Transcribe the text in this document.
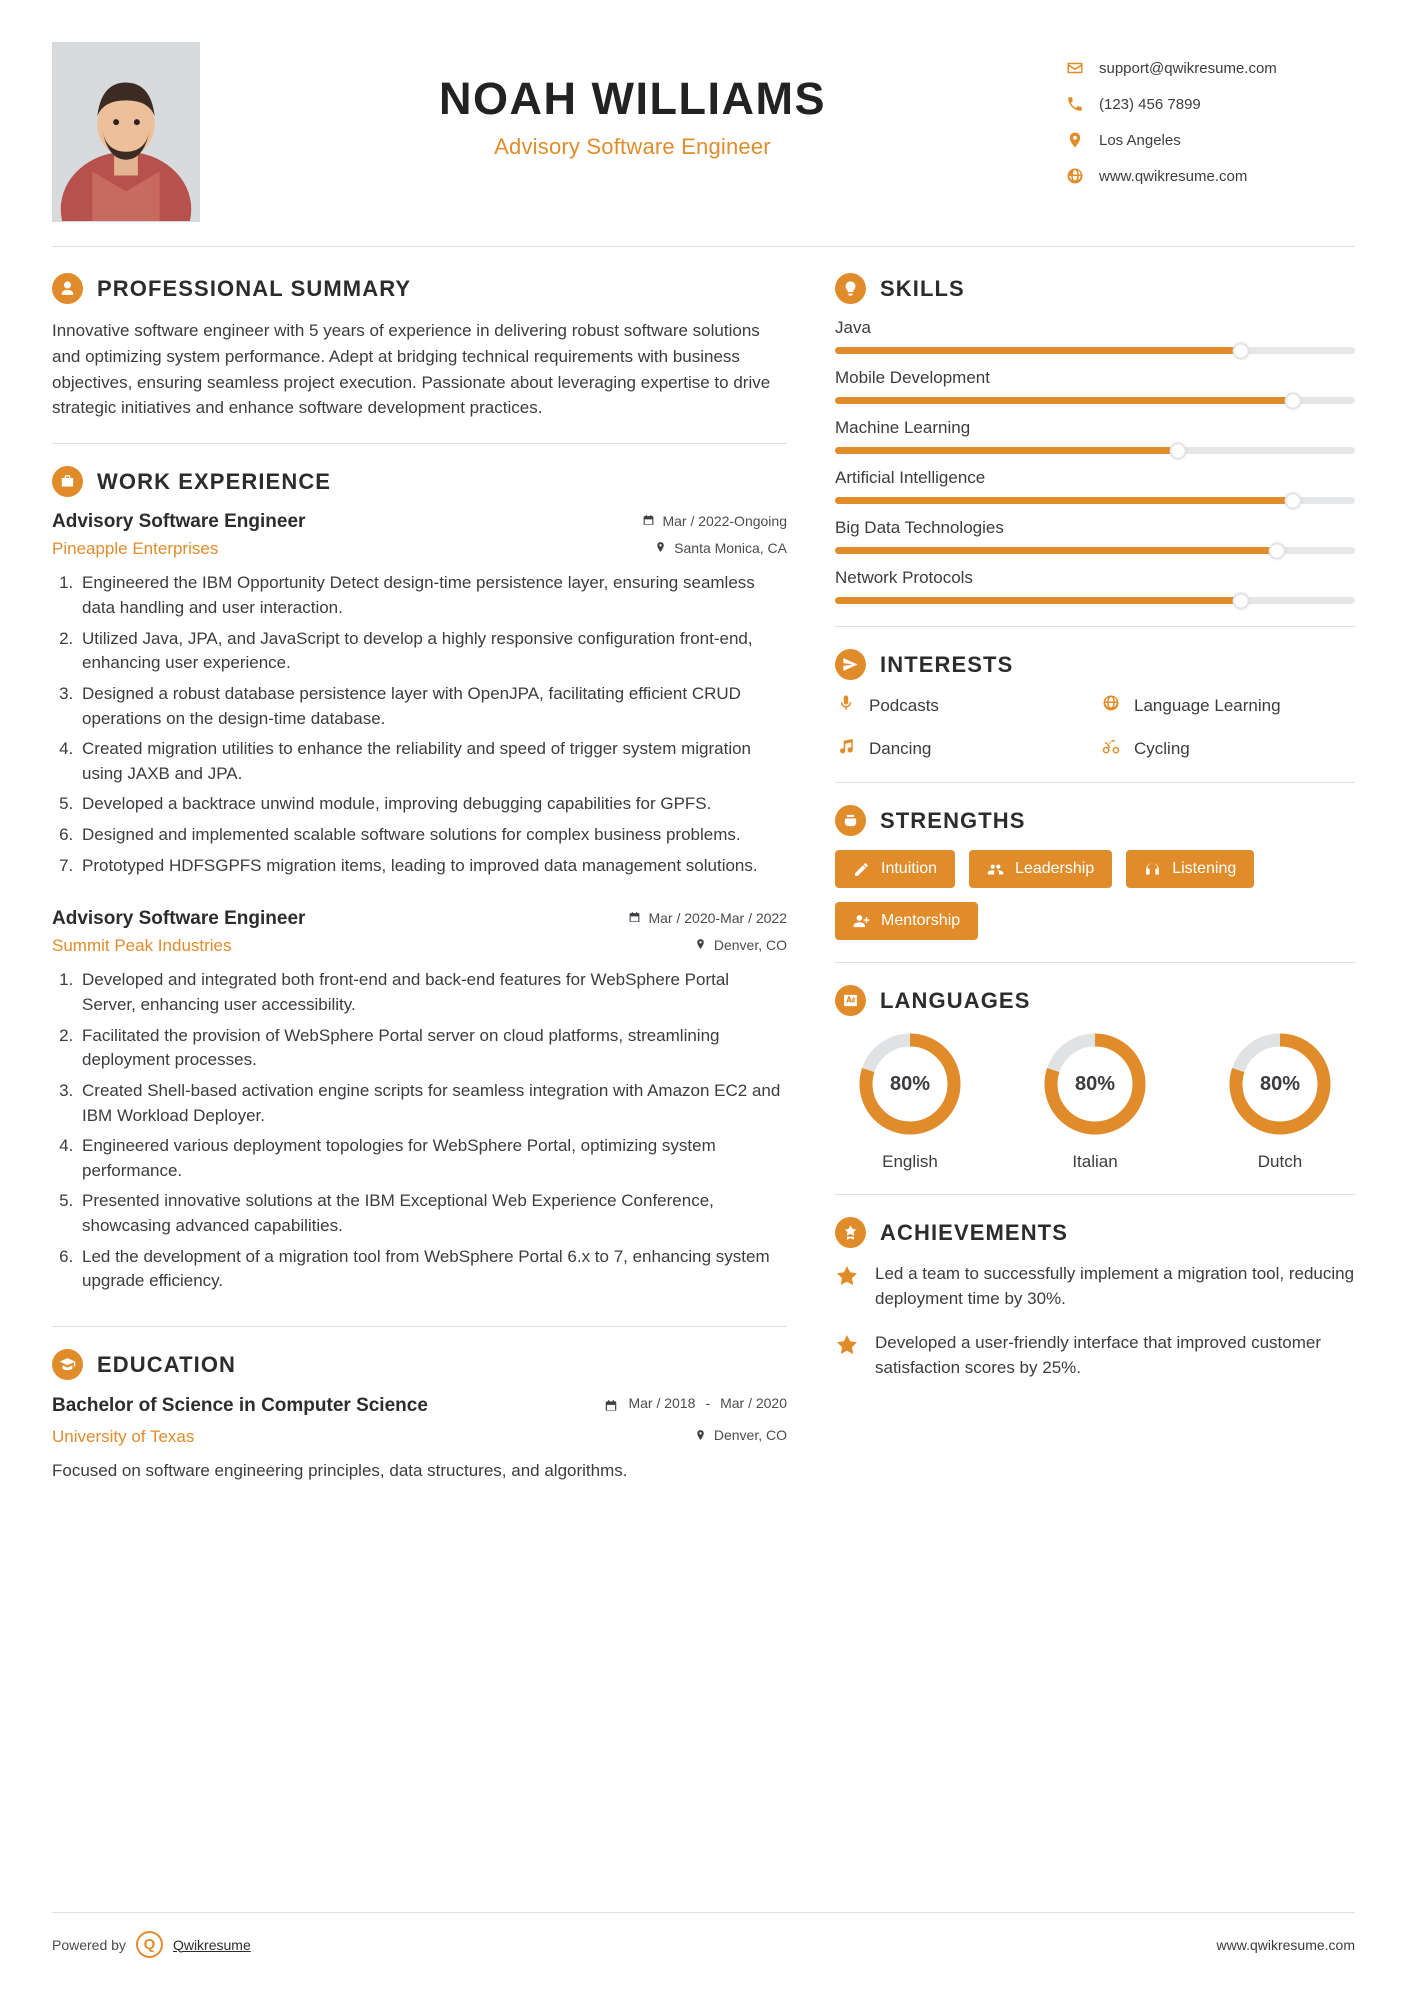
NOAH WILLIAMS
Advisory Software Engineer
support@qwikresume.com
(123) 456 7899
Los Angeles
www.qwikresume.com
PROFESSIONAL SUMMARY
Innovative software engineer with 5 years of experience in delivering robust software solutions and optimizing system performance. Adept at bridging technical requirements with business objectives, ensuring seamless project execution. Passionate about leveraging expertise to drive strategic initiatives and enhance software development practices.
WORK EXPERIENCE
Advisory Software Engineer	Mar / 2022-Ongoing
Pineapple Enterprises	Santa Monica, CA
1. Engineered the IBM Opportunity Detect design-time persistence layer, ensuring seamless data handling and user interaction.
2. Utilized Java, JPA, and JavaScript to develop a highly responsive configuration front-end, enhancing user experience.
3. Designed a robust database persistence layer with OpenJPA, facilitating efficient CRUD operations on the design-time database.
4. Created migration utilities to enhance the reliability and speed of trigger system migration using JAXB and JPA.
5. Developed a backtrace unwind module, improving debugging capabilities for GPFS.
6. Designed and implemented scalable software solutions for complex business problems.
7. Prototyped HDFSGPFS migration items, leading to improved data management solutions.
Advisory Software Engineer	Mar / 2020-Mar / 2022
Summit Peak Industries	Denver, CO
1. Developed and integrated both front-end and back-end features for WebSphere Portal Server, enhancing user accessibility.
2. Facilitated the provision of WebSphere Portal server on cloud platforms, streamlining deployment processes.
3. Created Shell-based activation engine scripts for seamless integration with Amazon EC2 and IBM Workload Deployer.
4. Engineered various deployment topologies for WebSphere Portal, optimizing system performance.
5. Presented innovative solutions at the IBM Exceptional Web Experience Conference, showcasing advanced capabilities.
6. Led the development of a migration tool from WebSphere Portal 6.x to 7, enhancing system upgrade efficiency.
EDUCATION
Bachelor of Science in Computer Science	Mar / 2018 - Mar / 2020
University of Texas	Denver, CO
Focused on software engineering principles, data structures, and algorithms.
SKILLS
Java
Mobile Development
Machine Learning
Artificial Intelligence
Big Data Technologies
Network Protocols
INTERESTS
Podcasts	Language Learning
Dancing	Cycling
STRENGTHS
Intuition	Leadership	Listening
Mentorship
LANGUAGES
80%
English
80%
Italian
80%
Dutch
ACHIEVEMENTS
Led a team to successfully implement a migration tool, reducing deployment time by 30%.
Developed a user-friendly interface that improved customer satisfaction scores by 25%.
Powered by	Q	Qwikresume	www.qwikresume.com
